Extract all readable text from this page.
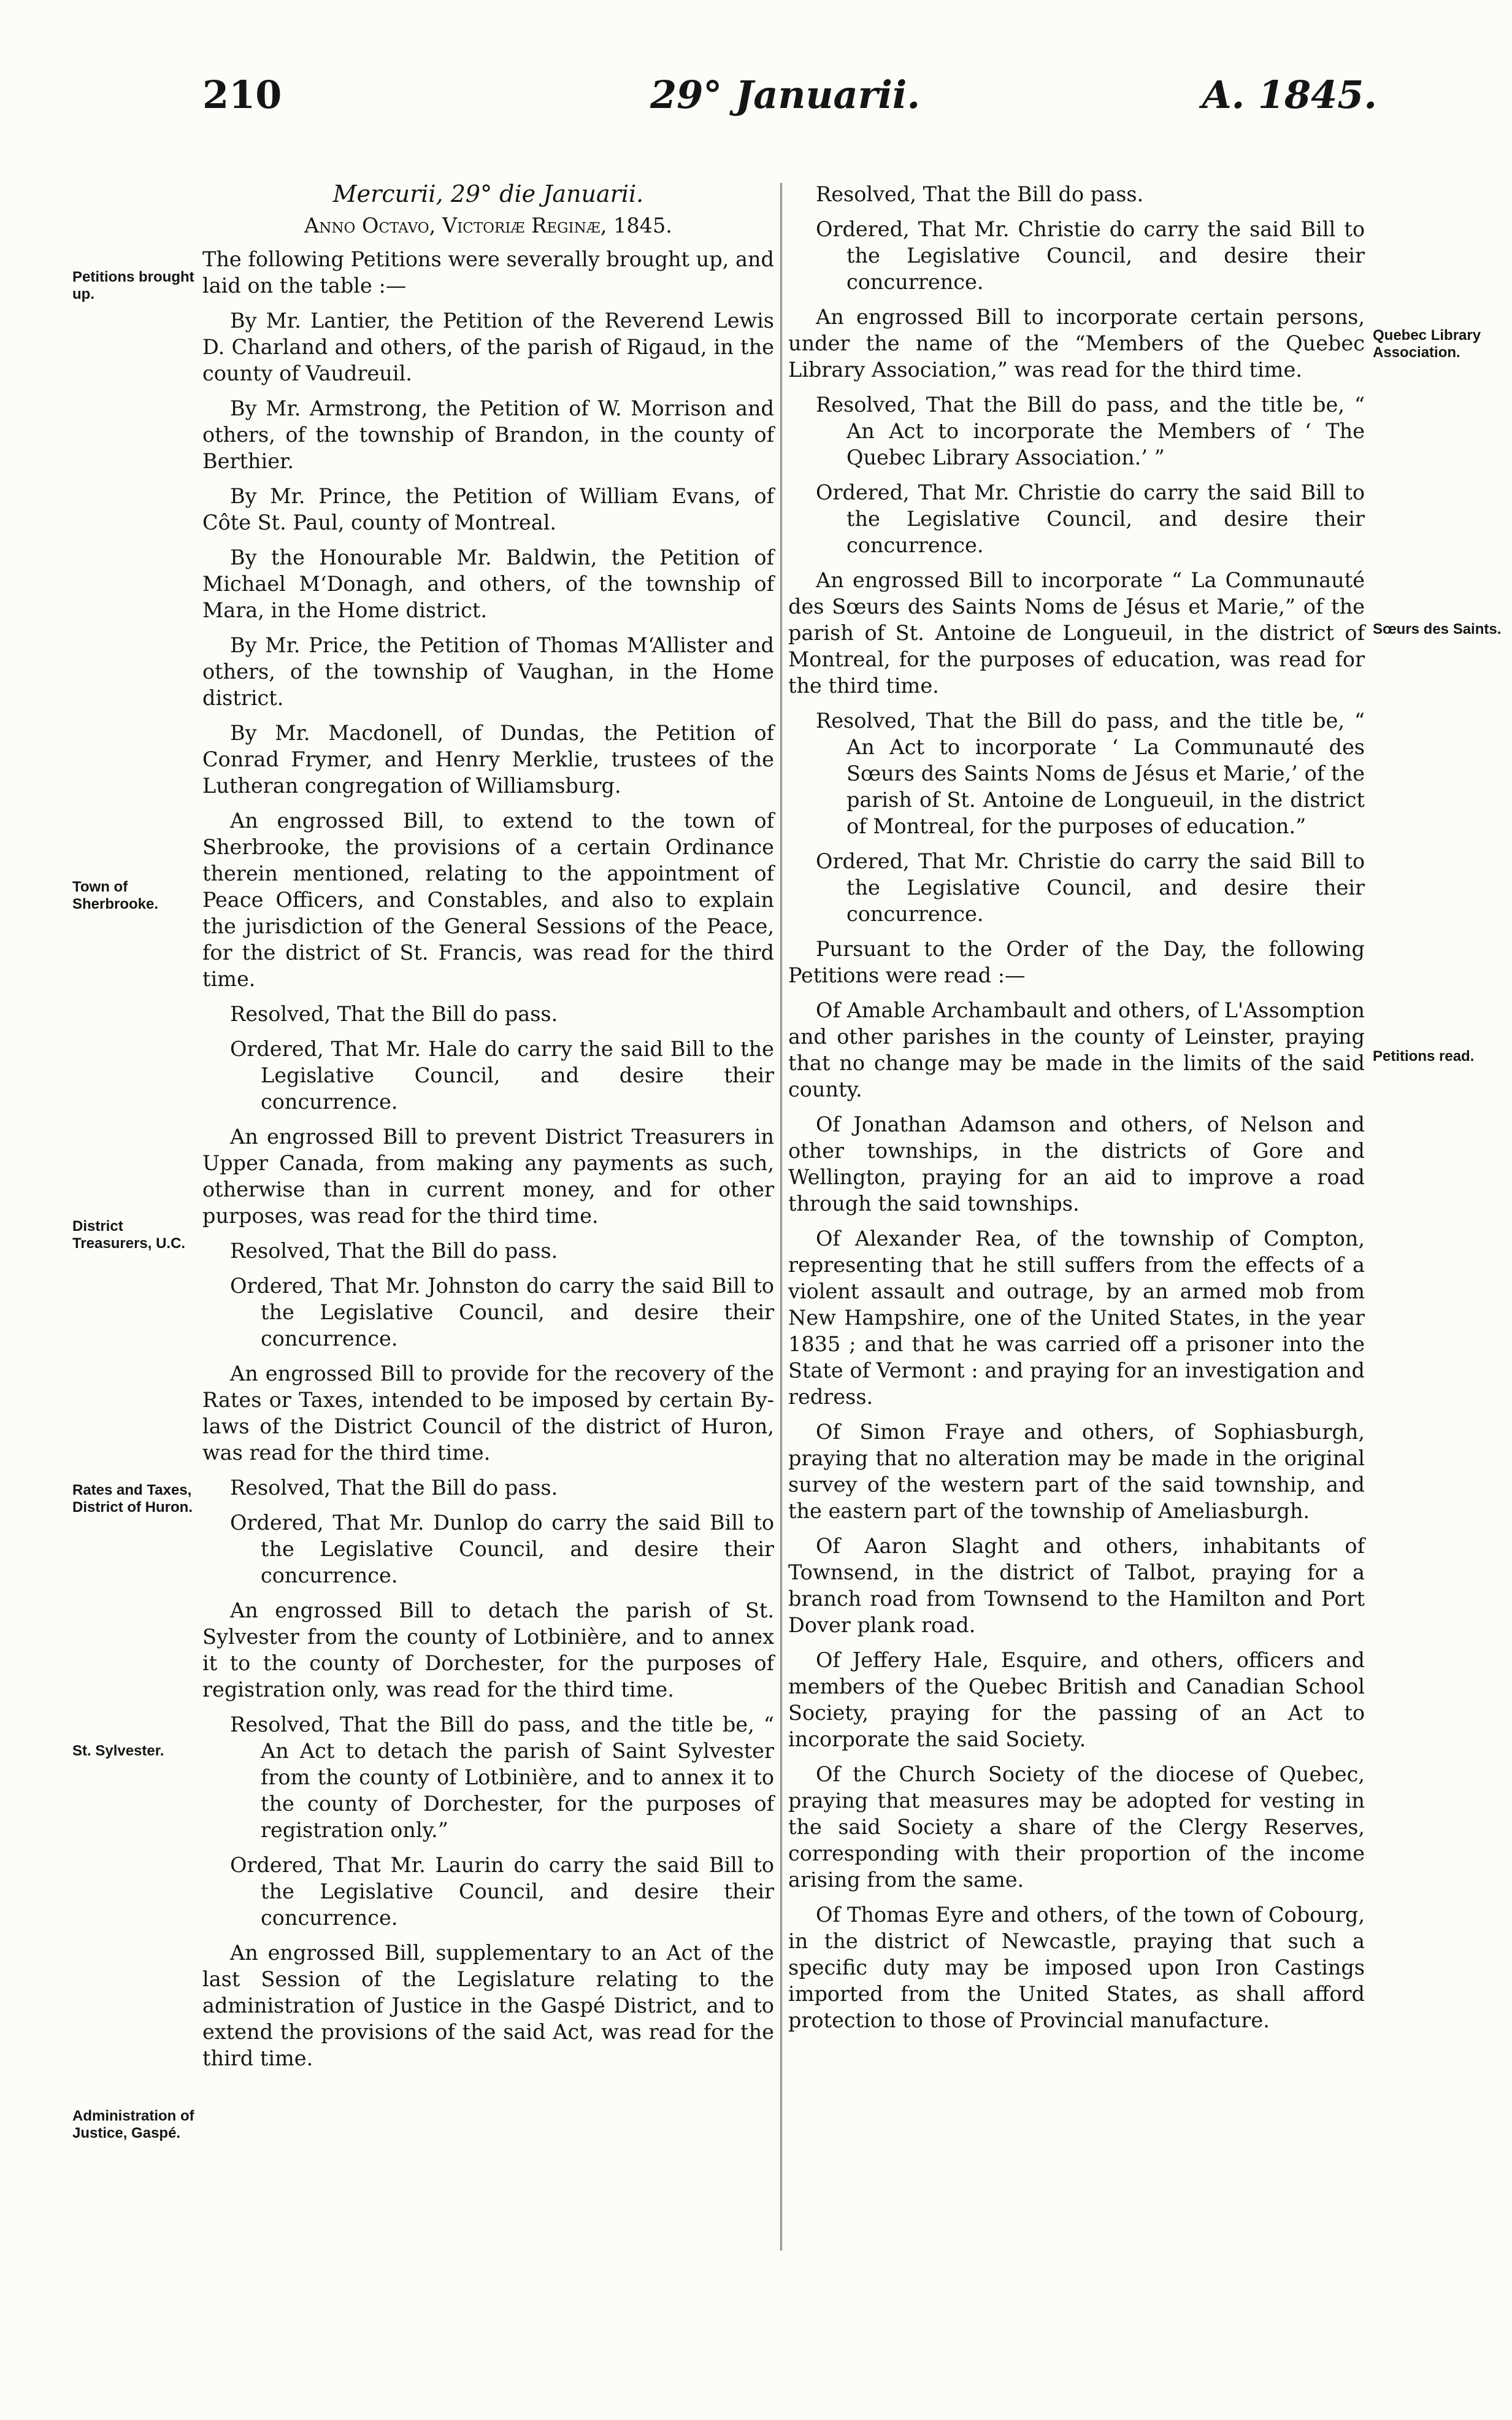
210	29° Januarii.	A. 1845.

Mercurii, 29° die Januarii.

Anno Octavo, Victoriæ Reginæ, 1845.

The following Petitions were severally brought up, and laid on the table :—

By Mr. Lantier, the Petition of the Reverend Lewis D. Charland and others, of the parish of Rigaud, in the county of Vaudreuil.

By Mr. Armstrong, the Petition of W. Morrison and others, of the township of Brandon, in the county of Berthier.

By Mr. Prince, the Petition of William Evans, of Côte St. Paul, county of Montreal.

By the Honourable Mr. Baldwin, the Petition of Michael M‘Donagh, and others, of the township of Mara, in the Home district.

By Mr. Price, the Petition of Thomas M‘Allister and others, of the township of Vaughan, in the Home district.

By Mr. Macdonell, of Dundas, the Petition of Conrad Frymer, and Henry Merklie, trustees of the Lutheran congregation of Williamsburg.

An engrossed Bill, to extend to the town of Sherbrooke, the provisions of a certain Ordinance therein mentioned, relating to the appointment of Peace Officers, and Constables, and also to explain the jurisdiction of the General Sessions of the Peace, for the district of St. Francis, was read for the third time.

Resolved, That the Bill do pass.

Ordered, That Mr. Hale do carry the said Bill to the Legislative Council, and desire their concurrence.

An engrossed Bill to prevent District Treasurers in Upper Canada, from making any payments as such, otherwise than in current money, and for other purposes, was read for the third time.

Resolved, That the Bill do pass.

Ordered, That Mr. Johnston do carry the said Bill to the Legislative Council, and desire their concurrence.

An engrossed Bill to provide for the recovery of the Rates or Taxes, intended to be imposed by certain By-laws of the District Council of the district of Huron, was read for the third time.

Resolved, That the Bill do pass.

Ordered, That Mr. Dunlop do carry the said Bill to the Legislative Council, and desire their concurrence.

An engrossed Bill to detach the parish of St. Sylvester from the county of Lotbinière, and to annex it to the county of Dorchester, for the purposes of registration only, was read for the third time.

Resolved, That the Bill do pass, and the title be, “ An Act to detach the parish of Saint Sylvester from the county of Lotbinière, and to annex it to the county of Dorchester, for the purposes of registration only.”

Ordered, That Mr. Laurin do carry the said Bill to the Legislative Council, and desire their concurrence.

An engrossed Bill, supplementary to an Act of the last Session of the Legislature relating to the administration of Justice in the Gaspé District, and to extend the provisions of the said Act, was read for the third time.

Resolved, That the Bill do pass.

Ordered, That Mr. Christie do carry the said Bill to the Legislative Council, and desire their concurrence.

An engrossed Bill to incorporate certain persons, under the name of the “Members of the Quebec Library Association,” was read for the third time.

Resolved, That the Bill do pass, and the title be, “ An Act to incorporate the Members of ‘ The Quebec Library Association.’ ”

Ordered, That Mr. Christie do carry the said Bill to the Legislative Council, and desire their concurrence.

An engrossed Bill to incorporate “ La Communauté des Sœurs des Saints Noms de Jésus et Marie,” of the parish of St. Antoine de Longueuil, in the district of Montreal, for the purposes of education, was read for the third time.

Resolved, That the Bill do pass, and the title be, “ An Act to incorporate ‘ La Communauté des Sœurs des Saints Noms de Jésus et Marie,’ of the parish of St. Antoine de Longueuil, in the district of Montreal, for the purposes of education.”

Ordered, That Mr. Christie do carry the said Bill to the Legislative Council, and desire their concurrence.

Pursuant to the Order of the Day, the following Petitions were read :—

Of Amable Archambault and others, of L'Assomption and other parishes in the county of Leinster, praying that no change may be made in the limits of the said county.

Of Jonathan Adamson and others, of Nelson and other townships, in the districts of Gore and Wellington, praying for an aid to improve a road through the said townships.

Of Alexander Rea, of the township of Compton, representing that he still suffers from the effects of a violent assault and outrage, by an armed mob from New Hampshire, one of the United States, in the year 1835 ; and that he was carried off a prisoner into the State of Vermont : and praying for an investigation and redress.

Of Simon Fraye and others, of Sophiasburgh, praying that no alteration may be made in the original survey of the western part of the said township, and the eastern part of the township of Ameliasburgh.

Of Aaron Slaght and others, inhabitants of Townsend, in the district of Talbot, praying for a branch road from Townsend to the Hamilton and Port Dover plank road.

Of Jeffery Hale, Esquire, and others, officers and members of the Quebec British and Canadian School Society, praying for the passing of an Act to incorporate the said Society.

Of the Church Society of the diocese of Quebec, praying that measures may be adopted for vesting in the said Society a share of the Clergy Reserves, corresponding with their proportion of the income arising from the same.

Of Thomas Eyre and others, of the town of Cobourg, in the district of Newcastle, praying that such a specific duty may be imposed upon Iron Castings imported from the United States, as shall afford protection to those of Provincial manufacture.

Petitions brought up.
Town of Sherbrooke.
District Treasurers, U.C.
Rates and Taxes, District of Huron.
St. Sylvester.
Administration of Justice, Gaspé.
Quebec Library Association.
Sœurs des Saints.
Petitions read.
